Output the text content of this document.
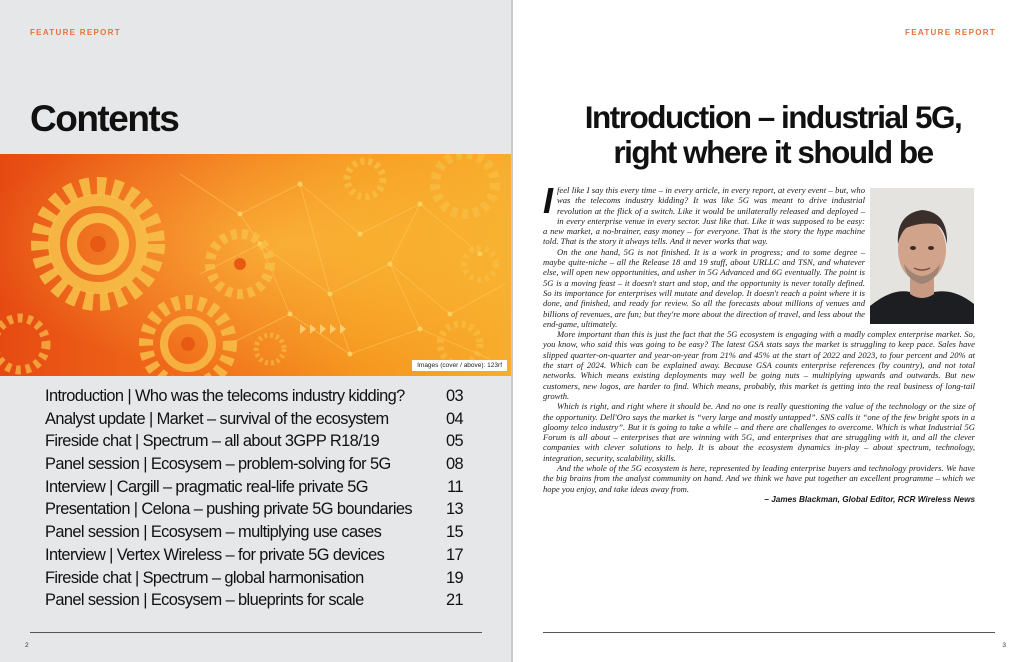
FEATURE REPORT
Contents
Images (cover / above): 123rf
Introduction | Who was the telecoms industry kidding?	03
Analyst update | Market – survival of the ecosystem	04
Fireside chat | Spectrum – all about 3GPP R18/19	05
Panel session | Ecosysem – problem-solving for 5G	08
Interview | Cargill – pragmatic real-life private 5G	11
Presentation | Celona – pushing private 5G boundaries 13
Panel session | Ecosysem – multiplying use cases	15
Interview | Vertex Wireless – for private 5G devices	17
Fireside chat | Spectrum – global harmonisation	19
Panel session | Ecosysem – blueprints for scale	21
2
FEATURE REPORT
Introduction – industrial 5G,
right where it should be

Ifeel like I say this every time – in every article, in every report, at every event – but, who was the telecoms industry kidding? It was like 5G was meant to drive industrial revolution at the flick of a switch. Like it would be unilaterally released and deployed – in every enterprise venue in every sector. Just like that. Like it was supposed to be easy: a new market, a no-brainer, easy money – for everyone. That is the story the hype machine told. That is the story it always tells. And it never works that way.

On the one hand, 5G is not finished. It is a work in progress; and to some degree – maybe quite-niche – all the Release 18 and 19 stuff, about URLLC and TSN, and whatever else, will open new opportunities, and usher in 5G Advanced and 6G eventually. The point is 5G is a moving feast – it doesn't start and stop, and the opportunity is never totally defined. So its importance for enterprises will mutate and develop. It doesn't reach a point where it is done, and finished, and ready for review. So all the forecasts about millions of venues and billions of revenues, are fun; but they're more about the direction of travel, and less about the end-game, ultimately.

More important than this is just the fact that the 5G ecosystem is engaging with a madly complex enterprise market. So, you know, who said this was going to be easy? The latest GSA stats says the market is struggling to keep pace. Sales have slipped quarter-on-quarter and year-on-year from 21% and 45% at the start of 2022 and 2023, to four percent and 20% at the start of 2024. Which can be explained away. Because GSA counts enterprise references (by country), and not total networks. Which means existing deployments may well be going nuts – multiplying upwards and outwards. But new customers, new logos, are harder to find. Which means, probably, this market is getting into the real business of long-tail growth.

Which is right, and right where it should be. And no one is really questioning the value of the technology or the size of the opportunity. Dell'Oro says the market is “very large and mostly untapped”. SNS calls it “one of the few bright spots in a gloomy telco industry”. But it is going to take a while – and there are challenges to overcome. Which is what Industrial 5G Forum is all about – enterprises that are winning with 5G, and enterprises that are struggling with it, and all the clever companies with clever solutions to help. It is about the ecosystem dynamics in-play – about spectrum, technology, integration, security, scalability, skills.

And the whole of the 5G ecosystem is here, represented by leading enterprise buyers and technology providers. We have the big brains from the analyst community on hand. And we think we have put together an excellent programme – which we hope you enjoy, and take ideas away from.

– James Blackman, Global Editor, RCR Wireless News
3
